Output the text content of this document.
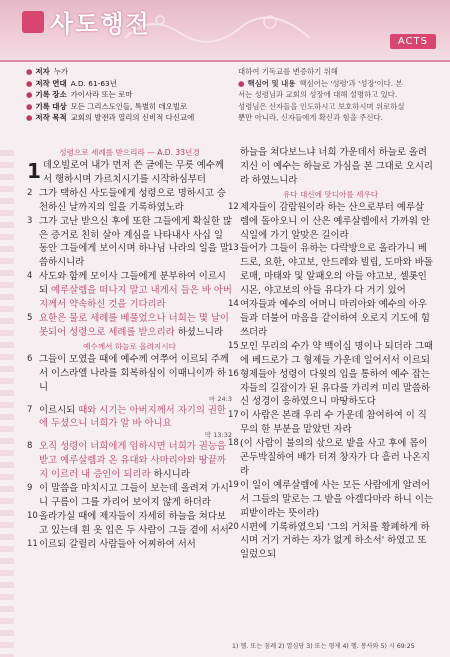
사도행전
ACTS
● 저자 누가
● 저작 연대 A.D. 61-63년
● 기록 장소 가이사라 또는 로마
● 기록 대상 모든 그리스도인들, 특별히 데오빌로
● 저작 목적 교회의 발전과 열리의 신비적 다신교에
대하여 기독교를 변증하기 위해
● 핵심어 및 내용 핵심어는 '성령'과 '성장'이다. 본
서는 성령님과 교회의 성장에 대해 설명하고 있다.
성령님은 신자들을 인도하시고 보호하시며 위로하실
뿐만 아니라, 신자들에게 확신과 힘을 주신다.
성령으로 세례를 받으리라 — A.D. 33년경
1 데오빌로여 내가 먼저 쓴 글에는 무릇 예수께서 행하시며 가르치시기를 시작하심부터
2 그가 택하신 사도들에게 성령으로 명하시고 승천하신 날까지의 일을 기록하였노라
3 그가 고난 받으신 후에 또한 그들에게 확실한 많은 증거로 친히 살아 계심을 나타내사 사십 일 동안 그들에게 보이시며 하나님 나라의 일을 말씀하시니라
4 사도와 함께 모이사 그들에게 분부하여 이르시되 예루살렘을 떠나지 말고 내게서 들은 바 아버지께서 약속하신 것을 기다리라
5 요한은 물로 세례를 베풀었으나 너희는 몇 날이 못되어 성령으로 세례를 받으리라 하셨느니라
예수께서 하늘로 올려지시다
6 그들이 모였을 때에 예수께 여쭈어 이르되 주께서 이스라엘 나라를 회복하심이 이때니이까 하니
마 24:3
7 이르시되 때와 시기는 아버지께서 자기의 권한에 두셨으니 너희가 알 바 아니요
막 13:32
8 오직 성령이 너희에게 임하시면 너희가 권능을 받고 예루살렘과 온 유대와 사마리아와 땅끝까지 이르러 내 증인이 되리라 하시니라
9 이 말씀을 마치시고 그들이 보는데 올려져 가시니 구름이 그를 가리어 보이지 않게 하더라
10 올라가실 때에 제자들이 자세히 하늘을 쳐다보고 있는데 흰 옷 입은 두 사람이 그들 곁에 서서
11 이르되 갈릴리 사람들아 어찌하여 서서
하늘을 쳐다보느냐 너희 가운데서 하늘로 올려지신 이 예수는 하늘로 가심을 본 그대로 오시리라 하였느니라
유다 대신에 맛디아를 세우다
12 제자들이 감람원이라 하는 산으로부터 예루살렘에 돌아오니 이 산은 예루살렘에서 가까워 안식일에 가기 알맞은 길이라
13 들어가 그들이 유하는 다락방으로 올라가니 베드로, 요한, 야고보, 안드레와 빌립, 도마와 바돌로매, 마태와 및 알패오의 아들 야고보, 셀롯인 시몬, 야고보의 아들 유다가 다 거기 있어
14 여자들과 예수의 어머니 마리아와 예수의 아우들과 더불어 마음을 같이하여 오로지 기도에 힘쓰더라
15 모인 무리의 수가 약 백이십 명이나 되더라 그때에 베드로가 그 형제들 가운데 일어서서 이르되
16 형제들아 성령이 다윗의 입을 통하여 예수 잡는 자들의 길잡이가 된 유다를 가리켜 미리 말씀하신 성경이 응하였으니 마땅하도다
17 이 사람은 본래 우리 수 가운데 참여하여 이 직무의 한 부분을 맡았던 자라
18 (이 사람이 불의의 삯으로 밭을 사고 후에 몸이 곤두박질하여 배가 터져 창자가 다 흘러 나온지라
19 이 일이 예루살렘에 사는 모든 사람에게 알려어서 그들의 말로는 그 밭을 아겔다마라 하니 이는 피밭이라는 뜻이라)
20 시편에 기록하였으되 '그의 거처를 황폐하게 하시며 거기 거하는 자가 없게 하소서' 하였고 또 일렀으되
1) 헬. 또는 침례 2) 열심당 3) 또는 형제 4) 헬. 봉사와 5) 시 69:25
